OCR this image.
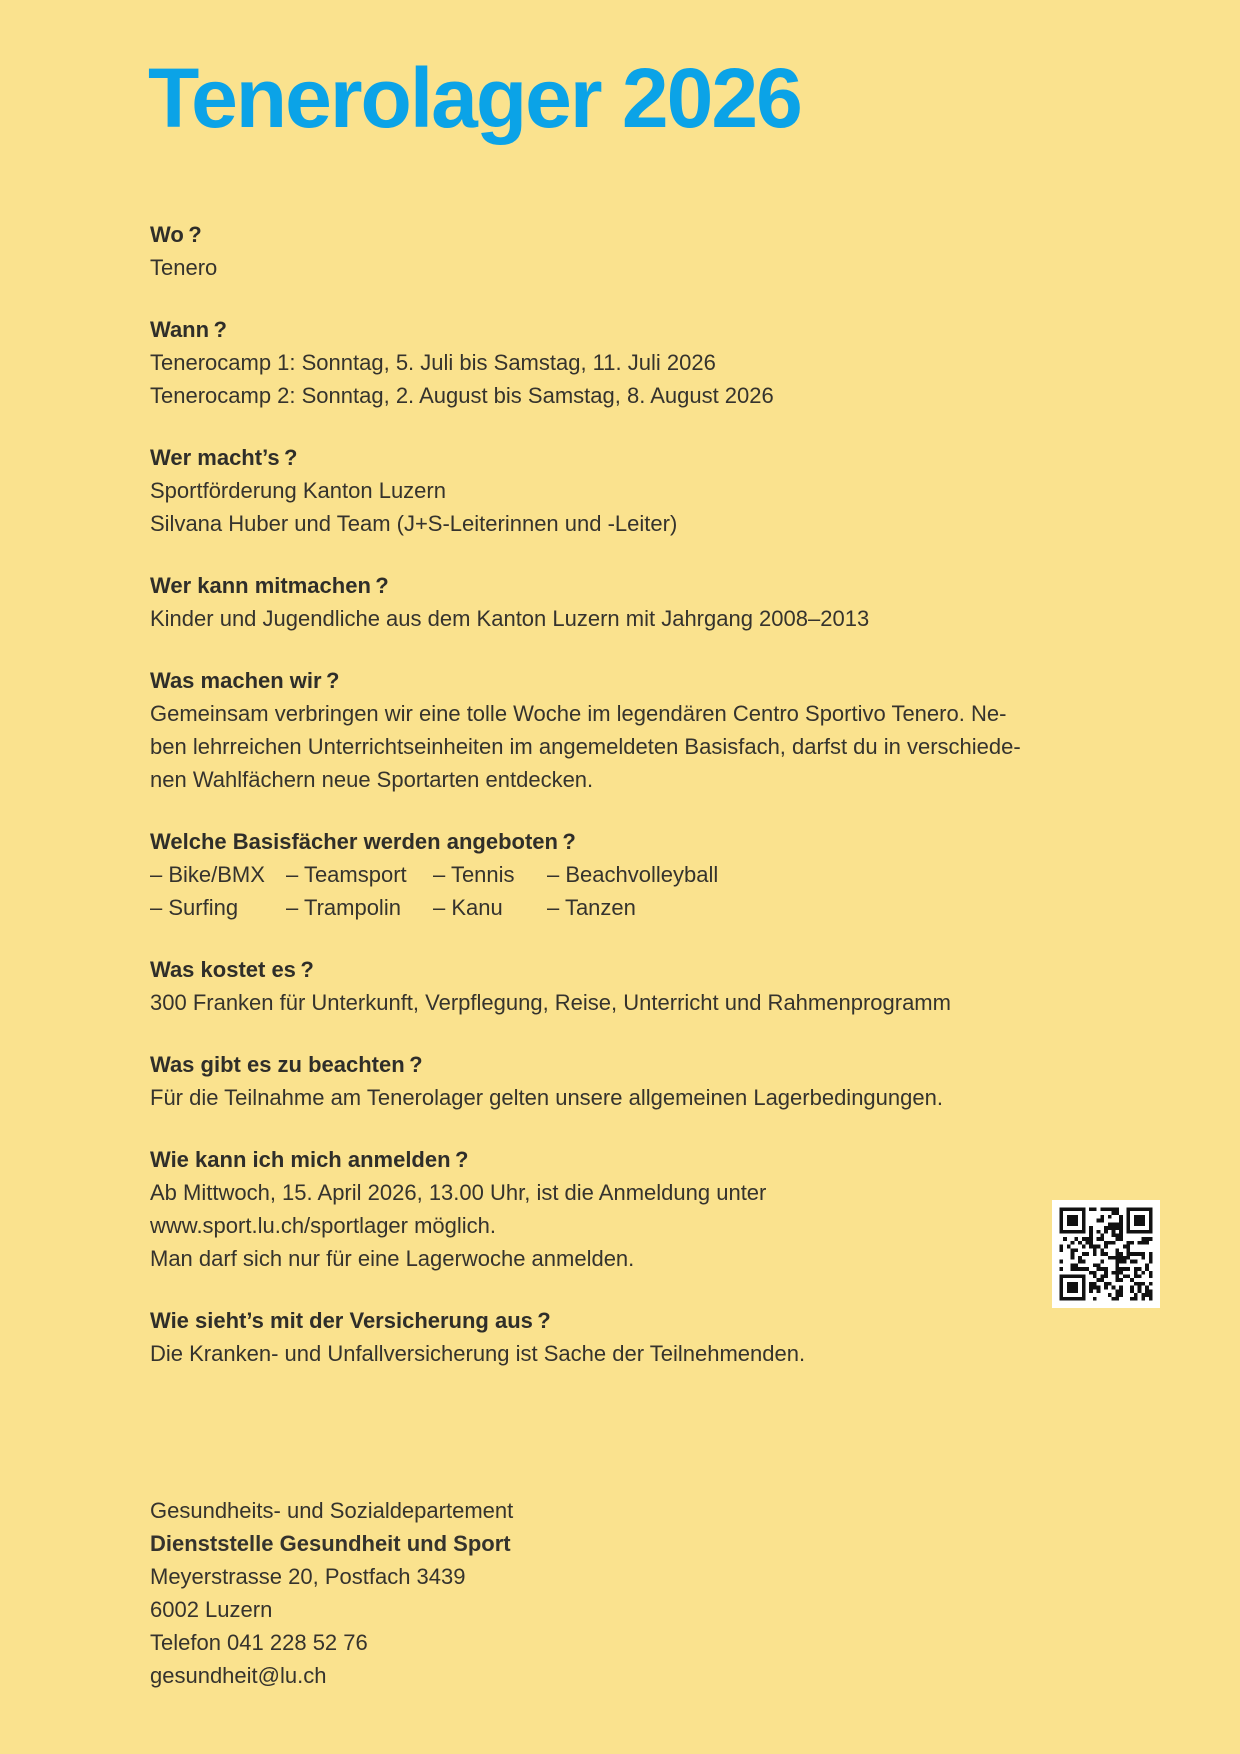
Tenerolager 2026
Wo ?
Tenero
Wann ?
Tenerocamp 1: Sonntag, 5. Juli bis Samstag, 11. Juli 2026
Tenerocamp 2: Sonntag, 2. August bis Samstag, 8. August 2026
Wer macht’s ?
Sportförderung Kanton Luzern
Silvana Huber und Team (J+S-Leiterinnen und -Leiter)
Wer kann mitmachen ?
Kinder und Jugendliche aus dem Kanton Luzern mit Jahrgang 2008–2013
Was machen wir ?
Gemeinsam verbringen wir eine tolle Woche im legendären Centro Sportivo Tenero. Ne-
ben lehrreichen Unterrichtseinheiten im angemeldeten Basisfach, darfst du in verschiede-
nen Wahlfächern neue Sportarten entdecken.
Welche Basisfächer werden angeboten ?
– Bike/BMX – Teamsport	– Tennis	– Beachvolleyball
– Surfing	– Trampolin	– Kanu	– Tanzen
Was kostet es ?
300 Franken für Unterkunft, Verpflegung, Reise, Unterricht und Rahmenprogramm
Was gibt es zu beachten ?
Für die Teilnahme am Tenerolager gelten unsere allgemeinen Lagerbedingungen.
Wie kann ich mich anmelden ?
Ab Mittwoch, 15. April 2026, 13.00 Uhr, ist die Anmeldung unter
www.sport.lu.ch/sportlager möglich.
Man darf sich nur für eine Lagerwoche anmelden.
Wie sieht’s mit der Versicherung aus ?
Die Kranken- und Unfallversicherung ist Sache der Teilnehmenden.
Gesundheits- und Sozialdepartement
Dienststelle Gesundheit und Sport
Meyerstrasse 20, Postfach 3439
6002 Luzern
Telefon 041 228 52 76
gesundheit@lu.ch
